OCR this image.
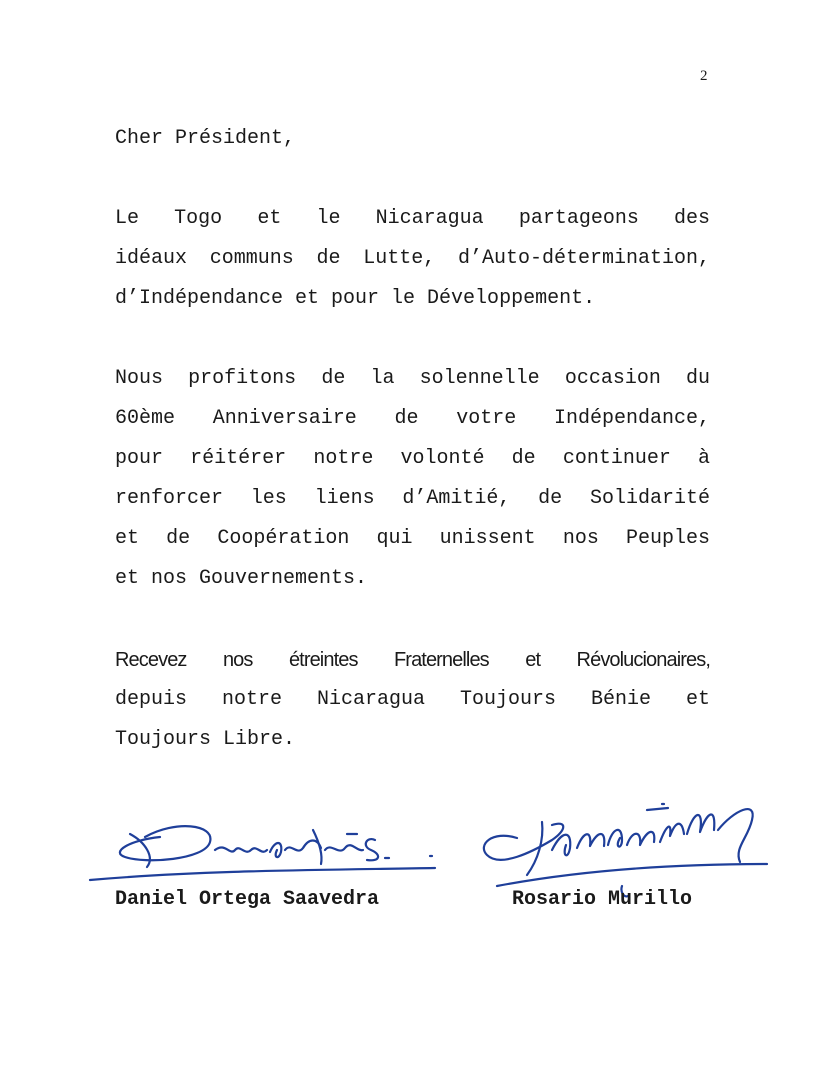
2
Cher Président,
Le Togo et le Nicaragua partageons des
idéaux communs de Lutte, d’Auto-détermination,
d’Indépendance et pour le Développement.
Nous profitons de la solennelle occasion du
60ème Anniversaire de votre Indépendance,
pour réitérer notre volonté de continuer à
renforcer les liens d’Amitié, de Solidarité
et de Coopération qui unissent nos Peuples
et nos Gouvernements.
Recevez nos étreintes Fraternelles et Révolucionaires,
depuis notre Nicaragua Toujours Bénie et
Toujours Libre.
Daniel Ortega Saavedra	Rosario Murillo
